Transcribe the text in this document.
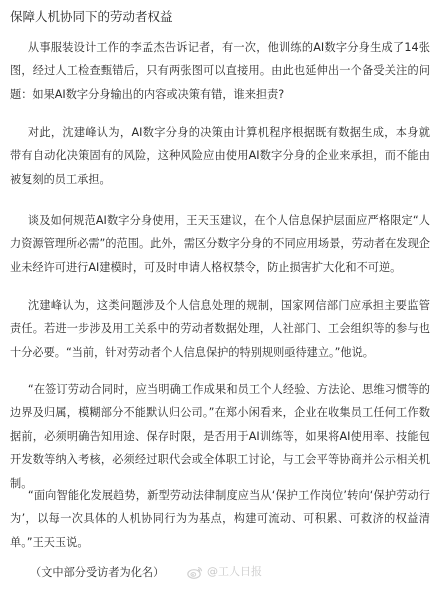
保障人机协同下的劳动者权益

从事服装设计工作的李孟杰告诉记者，有一次，他训练的AI数字分身生成了14张图，经过人工检查甄错后，只有两张图可以直接用。由此也延伸出一个备受关注的问题：如果AI数字分身输出的内容或决策有错，谁来担责?

对此，沈建峰认为，AI数字分身的决策由计算机程序根据既有数据生成，本身就带有自动化决策固有的风险，这种风险应由使用AI数字分身的企业来承担，而不能由被复刻的员工承担。

谈及如何规范AI数字分身使用，王天玉建议，在个人信息保护层面应严格限定“人力资源管理所必需”的范围。此外，需区分数字分身的不同应用场景，劳动者在发现企业未经许可进行AI建模时，可及时申请人格权禁令，防止损害扩大化和不可逆。

沈建峰认为，这类问题涉及个人信息处理的规制，国家网信部门应承担主要监管责任。若进一步涉及用工关系中的劳动者数据处理，人社部门、工会组织等的参与也十分必要。“当前，针对劳动者个人信息保护的特别规则亟待建立。”他说。

“在签订劳动合同时，应当明确工作成果和员工个人经验、方法论、思维习惯等的边界及归属，模糊部分不能默认归公司。”在郑小闲看来，企业在收集员工任何工作数据前，必须明确告知用途、保存时限，是否用于AI训练等，如果将AI使用率、技能包开发数等纳入考核，必须经过职代会或全体职工讨论，与工会平等协商并公示相关机制。

“面向智能化发展趋势，新型劳动法律制度应当从‘保护工作岗位’转向‘保护劳动行为’，以每一次具体的人机协同行为为基点，构建可流动、可积累、可救济的权益清单。”王天玉说。

（文中部分受访者为化名）	@工人日报
